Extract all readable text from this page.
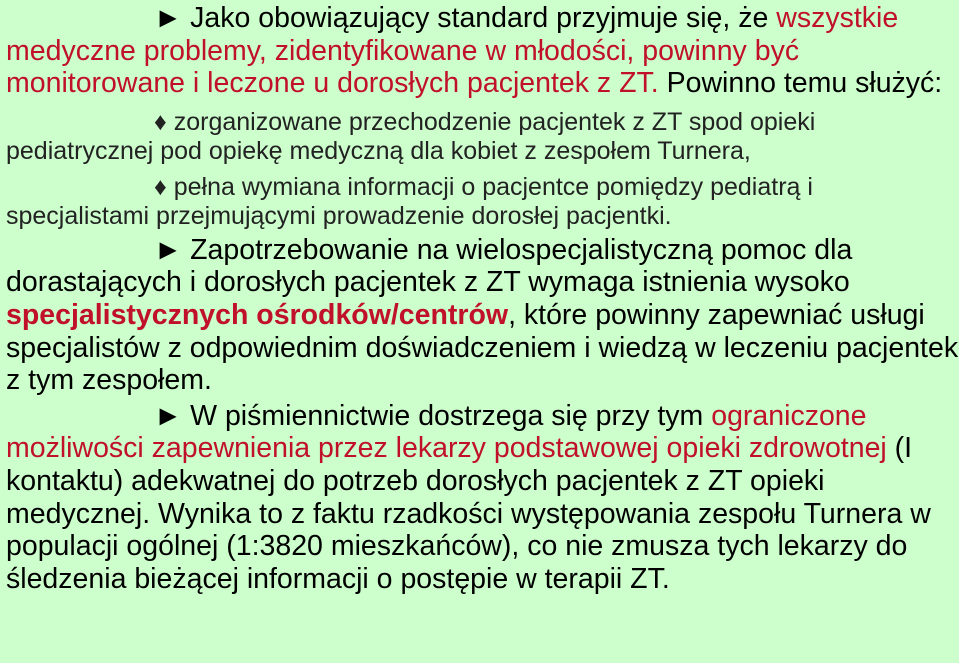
► Jako obowiązujący standard przyjmuje się, że wszystkie medyczne problemy, zidentyfikowane w młodości, powinny być monitorowane i leczone u dorosłych pacjentek z ZT. Powinno temu służyć:

♦ zorganizowane przechodzenie pacjentek z ZT spod opieki pediatrycznej pod opiekę medyczną dla kobiet z zespołem Turnera,

♦ pełna wymiana informacji o pacjentce pomiędzy pediatrą i specjalistami przejmującymi prowadzenie dorosłej pacjentki.

► Zapotrzebowanie na wielospecjalistyczną pomoc dla dorastających i dorosłych pacjentek z ZT wymaga istnienia wysoko specjalistycznych ośrodków/centrów, które powinny zapewniać usługi specjalistów z odpowiednim doświadczeniem i wiedzą w leczeniu pacjentek z tym zespołem.

► W piśmiennictwie dostrzega się przy tym ograniczone możliwości zapewnienia przez lekarzy podstawowej opieki zdrowotnej (I kontaktu) adekwatnej do potrzeb dorosłych pacjentek z ZT opieki medycznej. Wynika to z faktu rzadkości występowania zespołu Turnera w populacji ogólnej (1:3820 mieszkańców), co nie zmusza tych lekarzy do śledzenia bieżącej informacji o postępie w terapii ZT.
